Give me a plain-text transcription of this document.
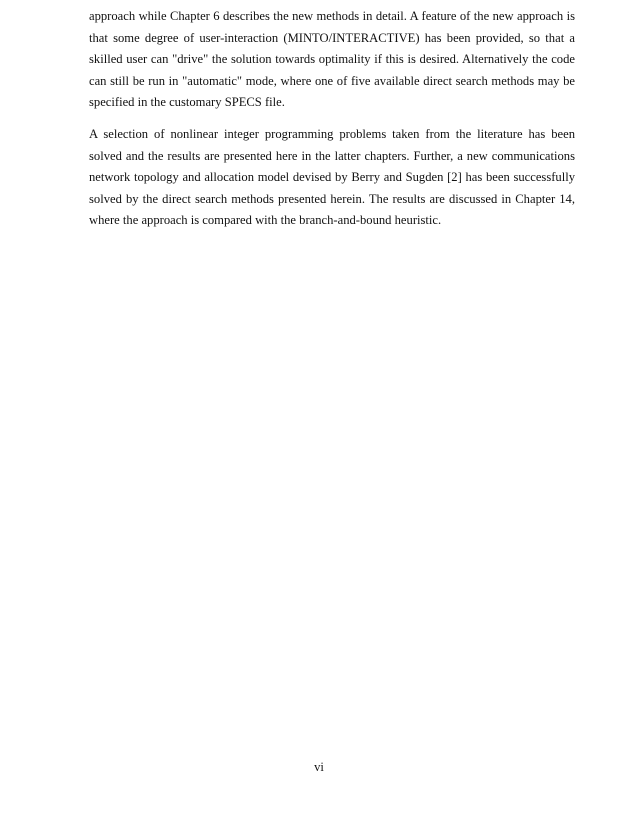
approach while Chapter 6 describes the new methods in detail. A feature of the new approach is that some degree of user-interaction (MINTO/INTERACTIVE) has been provided, so that a skilled user can "drive" the solution towards optimality if this is desired. Alternatively the code can still be run in "automatic" mode, where one of five available direct search methods may be specified in the customary SPECS file.

A selection of nonlinear integer programming problems taken from the literature has been solved and the results are presented here in the latter chapters. Further, a new communications network topology and allocation model devised by Berry and Sugden [2] has been successfully solved by the direct search methods presented herein. The results are discussed in Chapter 14, where the approach is compared with the branch-and-bound heuristic.

vi
